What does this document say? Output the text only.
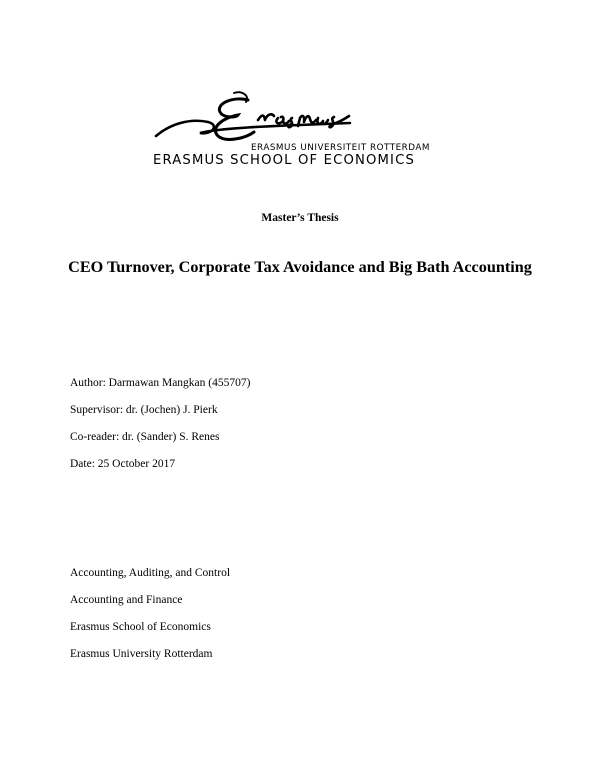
ERASMUS UNIVERSITEIT ROTTERDAM
ERASMUS SCHOOL OF ECONOMICS
Master’s Thesis
CEO Turnover, Corporate Tax Avoidance and Big Bath Accounting
Author: Darmawan Mangkan (455707)
Supervisor: dr. (Jochen) J. Pierk
Co-reader: dr. (Sander) S. Renes
Date: 25 October 2017
Accounting, Auditing, and Control
Accounting and Finance
Erasmus School of Economics
Erasmus University Rotterdam
